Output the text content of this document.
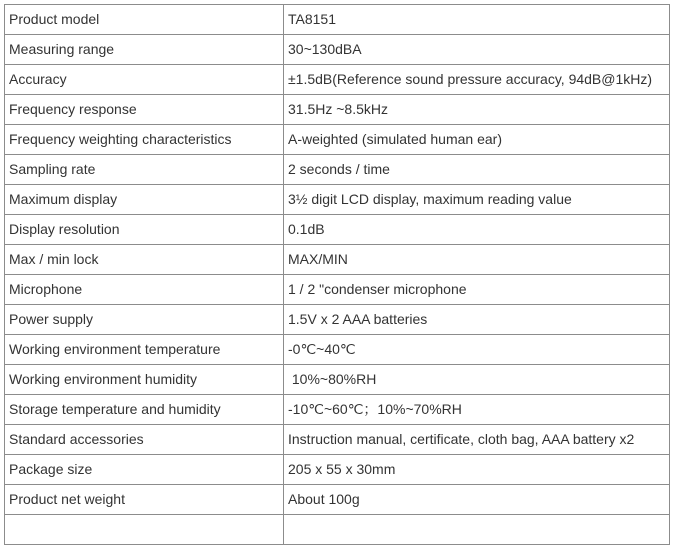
Product model	TA8151
Measuring range	30~130dBA
Accuracy	±1.5dB(Reference sound pressure accuracy, 94dB@1kHz)
Frequency response	31.5Hz ~8.5kHz
Frequency weighting characteristics	A-weighted (simulated human ear)
Sampling rate	2 seconds / time
Maximum display	3½ digit LCD display, maximum reading value
Display resolution	0.1dB
Max / min lock	MAX/MIN
Microphone	1 / 2 "condenser microphone
Power supply	1.5V x 2 AAA batteries
Working environment temperature	-0℃~40℃
Working environment humidity	10%~80%RH
Storage temperature and humidity	-10℃~60℃；10%~70%RH
Standard accessories	Instruction manual, certificate, cloth bag, AAA battery x2
Package size	205 x 55 x 30mm
Product net weight	About 100g
